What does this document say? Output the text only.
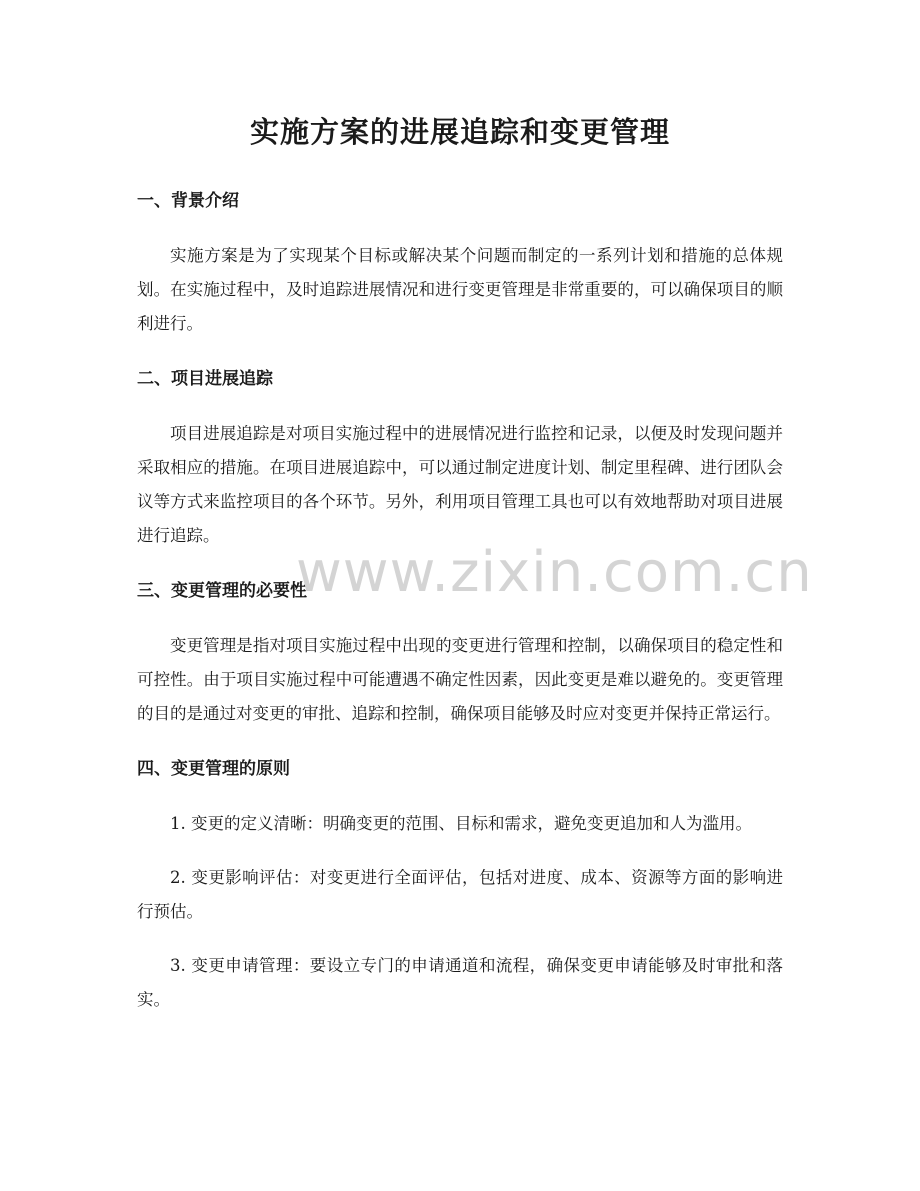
实施方案的进展追踪和变更管理
一、背景介绍

实施方案是为了实现某个目标或解决某个问题而制定的一系列计划和措施的总体规划。在实施过程中，及时追踪进展情况和进行变更管理是非常重要的，可以确保项目的顺利进行。

二、项目进展追踪

项目进展追踪是对项目实施过程中的进展情况进行监控和记录，以便及时发现问题并采取相应的措施。在项目进展追踪中，可以通过制定进度计划、制定里程碑、进行团队会议等方式来监控项目的各个环节。另外，利用项目管理工具也可以有效地帮助对项目进展进行追踪。

三、变更管理的必要性

变更管理是指对项目实施过程中出现的变更进行管理和控制，以确保项目的稳定性和可控性。由于项目实施过程中可能遭遇不确定性因素，因此变更是难以避免的。变更管理的目的是通过对变更的审批、追踪和控制，确保项目能够及时应对变更并保持正常运行。

四、变更管理的原则

1. 变更的定义清晰：明确变更的范围、目标和需求，避免变更追加和人为滥用。

2. 变更影响评估：对变更进行全面评估，包括对进度、成本、资源等方面的影响进行预估。

3. 变更申请管理：要设立专门的申请通道和流程，确保变更申请能够及时审批和落实。

www.zixin.com.cn
